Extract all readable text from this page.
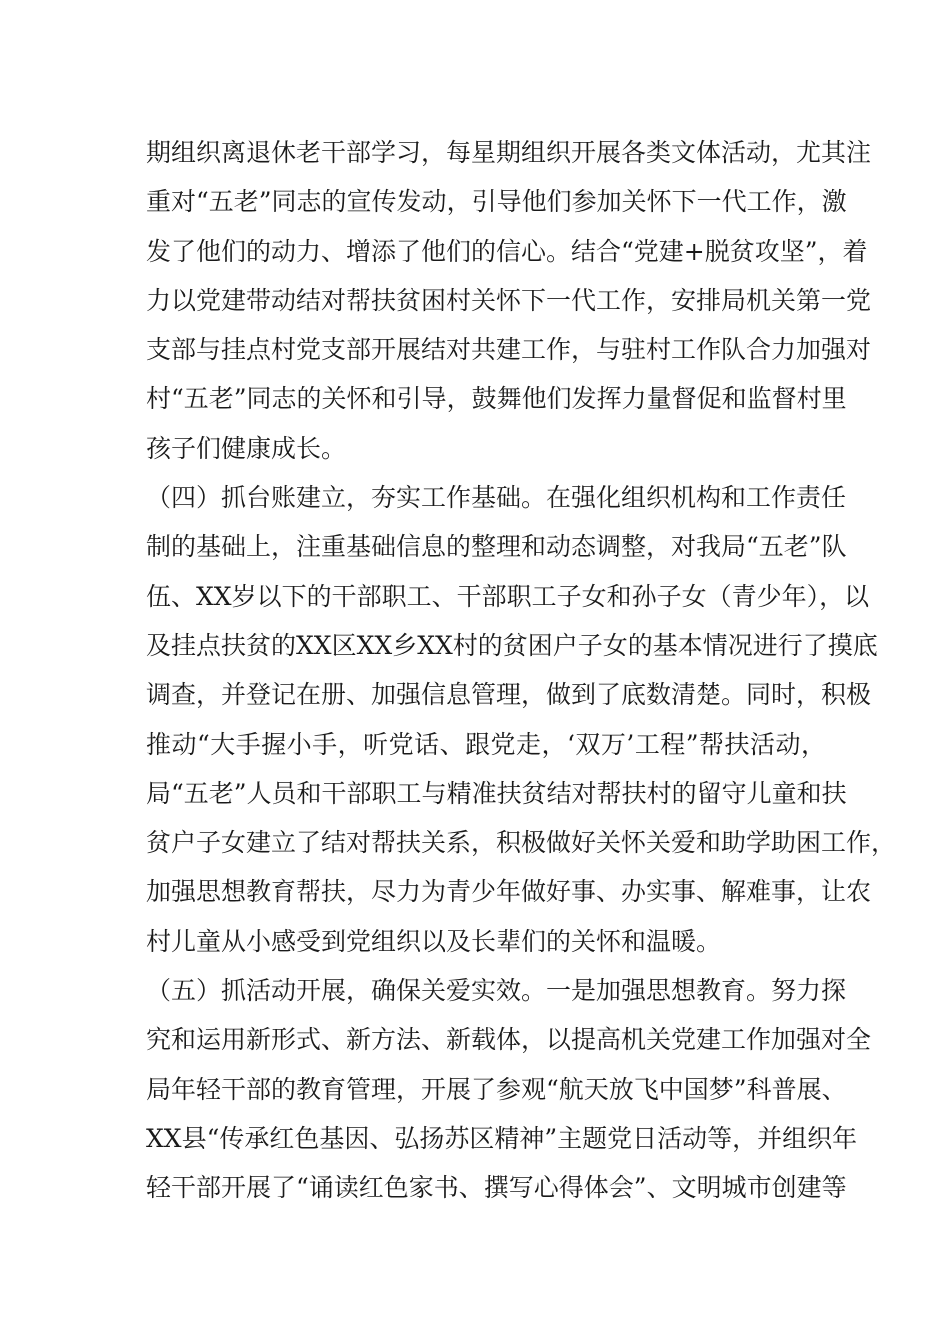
期组织离退休老干部学习，每星期组织开展各类文体活动，尤其注
重对“五老”同志的宣传发动，引导他们参加关怀下一代工作，激
发了他们的动力、增添了他们的信心。结合“党建+脱贫攻坚”，着
力以党建带动结对帮扶贫困村关怀下一代工作，安排局机关第一党
支部与挂点村党支部开展结对共建工作，与驻村工作队合力加强对
村“五老”同志的关怀和引导，鼓舞他们发挥力量督促和监督村里
孩子们健康成长。
（四）抓台账建立，夯实工作基础。在强化组织机构和工作责任
制的基础上，注重基础信息的整理和动态调整，对我局“五老”队
伍、XX岁以下的干部职工、干部职工子女和孙子女（青少年），以
及挂点扶贫的XX区XX乡XX村的贫困户子女的基本情况进行了摸底
调查，并登记在册、加强信息管理，做到了底数清楚。同时，积极
推动“大手握小手，听党话、跟党走，‘双万’工程”帮扶活动，
局“五老”人员和干部职工与精准扶贫结对帮扶村的留守儿童和扶
贫户子女建立了结对帮扶关系，积极做好关怀关爱和助学助困工作，
加强思想教育帮扶，尽力为青少年做好事、办实事、解难事，让农
村儿童从小感受到党组织以及长辈们的关怀和温暖。
（五）抓活动开展，确保关爱实效。一是加强思想教育。努力探
究和运用新形式、新方法、新载体，以提高机关党建工作加强对全
局年轻干部的教育管理，开展了参观“航天放飞中国梦”科普展、
XX县“传承红色基因、弘扬苏区精神”主题党日活动等，并组织年
轻干部开展了“诵读红色家书、撰写心得体会”、文明城市创建等
